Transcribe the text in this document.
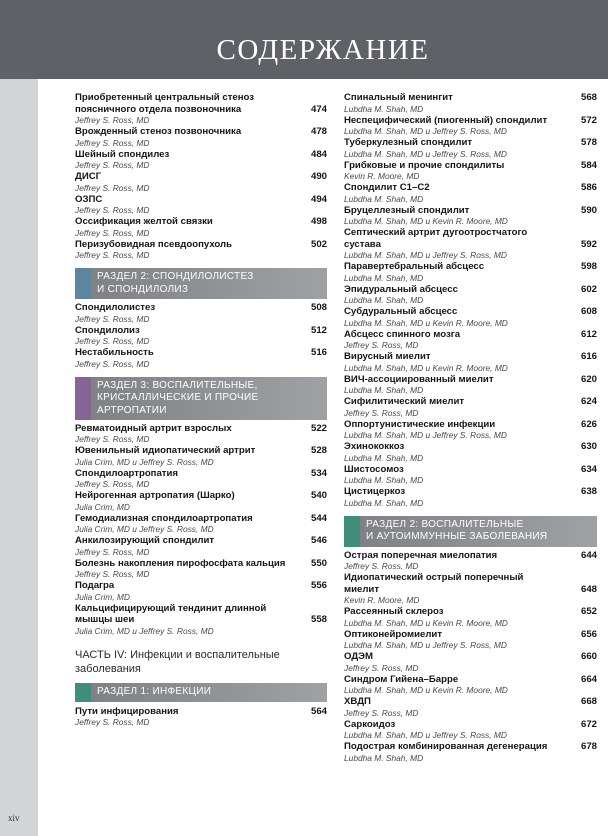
СОДЕРЖАНИЕ
Приобретенный центральный стеноз поясничного отдела позвоночника
Jeffrey S. Ross, MD
474
Врожденный стеноз позвоночника
Jeffrey S. Ross, MD
478
Шейный спондилез
Jeffrey S. Ross, MD
484
ДИСГ
Jeffrey S. Ross, MD
490
ОЗПС
Jeffrey S. Ross, MD
494
Оссификация желтой связки
Jeffrey S. Ross, MD
498
Перизубовидная псевдоопухоль
Jeffrey S. Ross, MD
502
РАЗДЕЛ 2: СПОНДИЛОЛИСТЕЗ
И СПОНДИЛОЛИЗ
Спондилолистез
Jeffrey S. Ross, MD
508
Спондилолиз
Jeffrey S. Ross, MD
512
Нестабильность
Jeffrey S. Ross, MD
516
РАЗДЕЛ 3: ВОСПАЛИТЕЛЬНЫЕ,
КРИСТАЛЛИЧЕСКИЕ И ПРОЧИЕ
АРТРОПАТИИ
Ревматоидный артрит взрослых
Jeffrey S. Ross, MD
522
Ювенильный идиопатический артрит
Julia Crim, MD и Jeffrey S. Ross, MD
528
Спондилоартропатия
Jeffrey S. Ross, MD
534
Нейрогенная артропатия (Шарко)
Julia Crim, MD
540
Гемодиализная спондилоартропатия
Julia Crim, MD и Jeffrey S. Ross, MD
544
Анкилозирующий спондилит
Jeffrey S. Ross, MD
546
Болезнь накопления пирофосфата кальция
Jeffrey S. Ross, MD
550
Подагра
Julia Crim, MD
556
Кальцифицирующий тендинит длинной мышцы шеи
Julia Crim, MD и Jeffrey S. Ross, MD
558
ЧАСТЬ IV: Инфекции и воспалительные
заболевания
РАЗДЕЛ 1: ИНФЕКЦИИ
Пути инфицирования
Jeffrey S. Ross, MD
564
Спинальный менингит
Lubdha M. Shah, MD
568
Неспецифический (пиогенный) спондилит
Lubdha M. Shah, MD и Jeffrey S. Ross, MD
572
Туберкулезный спондилит
Lubdha M. Shah, MD и Jeffrey S. Ross, MD
578
Грибковые и прочие спондилиты
Kevin R. Moore, MD
584
Спондилит С1–С2
Lubdha M. Shah, MD
586
Бруцеллезный спондилит
Lubdha M. Shah, MD и Kevin R. Moore, MD
590
Септический артрит дугоотростчатого сустава
Lubdha M. Shah, MD и Jeffrey S. Ross, MD
592
Паравертебральный абсцесс
Lubdha M. Shah, MD
598
Эпидуральный абсцесс
Lubdha M. Shah, MD
602
Субдуральный абсцесс
Lubdha M. Shah, MD и Kevin R. Moore, MD
608
Абсцесс спинного мозга
Jeffrey S. Ross, MD
612
Вирусный миелит
Lubdha M. Shah, MD и Kevin R. Moore, MD
616
ВИЧ-ассоциированный миелит
Lubdha M. Shah, MD
620
Сифилитический миелит
Jeffrey S. Ross, MD
624
Оппортунистические инфекции
Lubdha M. Shah, MD и Jeffrey S. Ross, MD
626
Эхинококкоз
Lubdha M. Shah, MD
630
Шистосомоз
Lubdha M. Shah, MD
634
Цистицеркоз
Lubdha M. Shah, MD
638
РАЗДЕЛ 2: ВОСПАЛИТЕЛЬНЫЕ
И АУТОИММУННЫЕ ЗАБОЛЕВАНИЯ
Острая поперечная миелопатия
Jeffrey S. Ross, MD
644
Идиопатический острый поперечный миелит
Kevin R. Moore, MD
648
Рассеянный склероз
Lubdha M. Shah, MD и Kevin R. Moore, MD
652
Оптиконейромиелит
Lubdha M. Shah, MD и Jeffrey S. Ross, MD
656
ОДЭМ
Jeffrey S. Ross, MD
660
Синдром Гийена–Барре
Lubdha M. Shah, MD и Kevin R. Moore, MD
664
ХВДП
Jeffrey S. Ross, MD
668
Саркоидоз
Lubdha M. Shah, MD и Jeffrey S. Ross, MD
672
Подострая комбинированная дегенерация
Lubdha M. Shah, MD
678
xiv
